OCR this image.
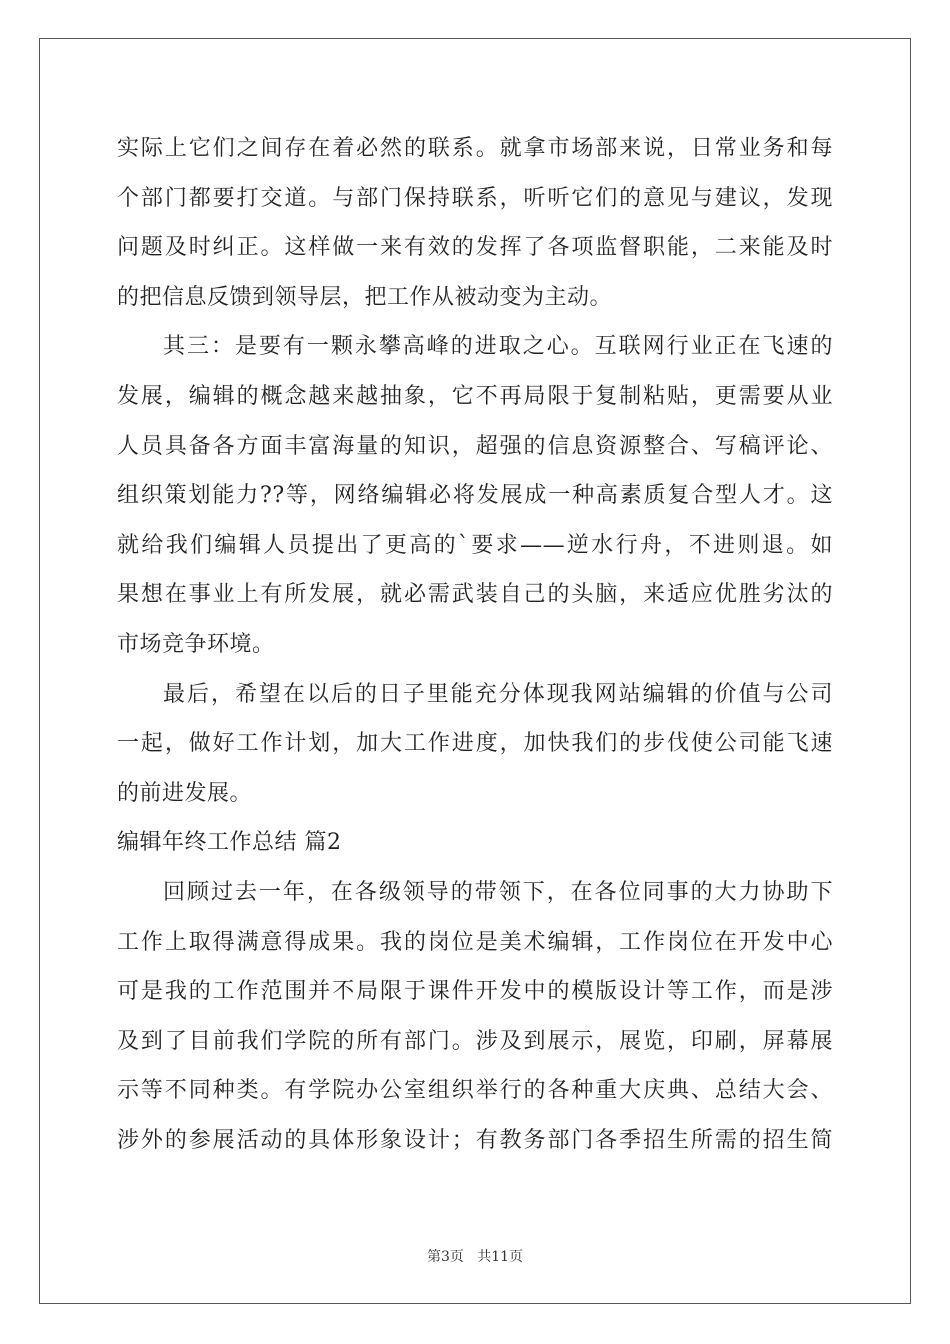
实际上它们之间存在着必然的联系。就拿市场部来说，日常业务和每
个部门都要打交道。与部门保持联系，听听它们的意见与建议，发现
问题及时纠正。这样做一来有效的发挥了各项监督职能，二来能及时
的把信息反馈到领导层，把工作从被动变为主动。
其三：是要有一颗永攀高峰的进取之心。互联网行业正在飞速的
发展，编辑的概念越来越抽象，它不再局限于复制粘贴，更需要从业
人员具备各方面丰富海量的知识，超强的信息资源整合、写稿评论、
组织策划能力??等，网络编辑必将发展成一种高素质复合型人才。这
就给我们编辑人员提出了更高的`要求——逆水行舟，不进则退。如
果想在事业上有所发展，就必需武装自己的头脑，来适应优胜劣汰的
市场竞争环境。
最后，希望在以后的日子里能充分体现我网站编辑的价值与公司
一起，做好工作计划，加大工作进度，加快我们的步伐使公司能飞速
的前进发展。
编辑年终工作总结 篇2
回顾过去一年，在各级领导的带领下，在各位同事的大力协助下
工作上取得满意得成果。我的岗位是美术编辑，工作岗位在开发中心
可是我的工作范围并不局限于课件开发中的模版设计等工作，而是涉
及到了目前我们学院的所有部门。涉及到展示，展览，印刷，屏幕展
示等不同种类。有学院办公室组织举行的各种重大庆典、总结大会、
涉外的参展活动的具体形象设计；有教务部门各季招生所需的招生简
第3页   共11页
